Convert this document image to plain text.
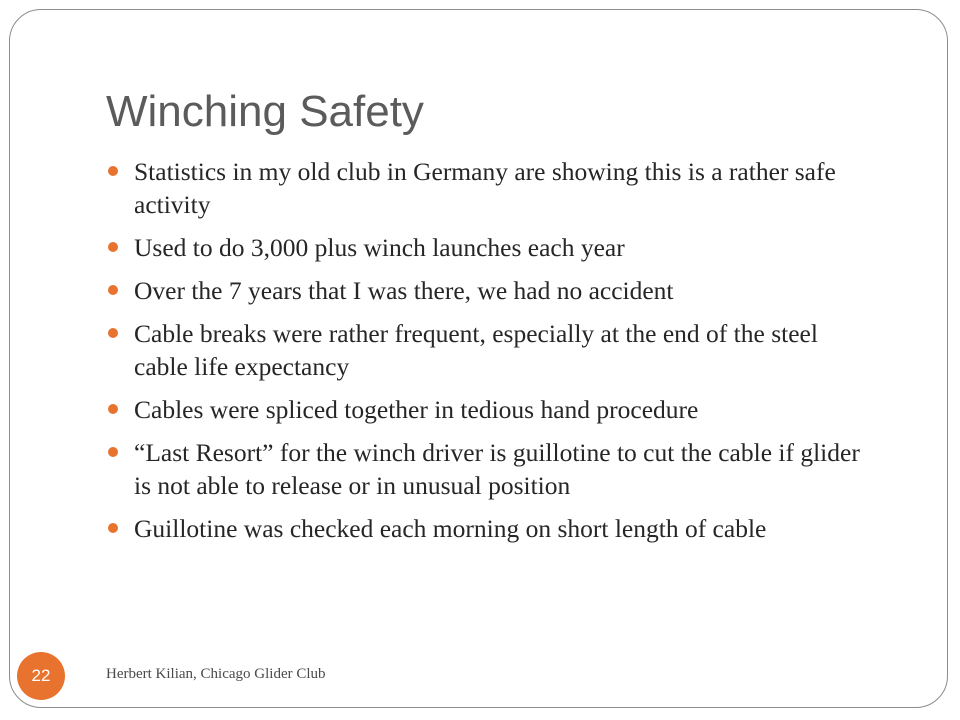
Winching Safety
Statistics in my old club in Germany are showing this is a rather safe activity
Used to do 3,000 plus winch launches each year
Over the 7 years that I was there, we had no accident
Cable breaks were rather frequent, especially at the end of the steel cable life expectancy
Cables were spliced together in tedious hand procedure
“Last Resort” for the winch driver is guillotine to cut the cable if glider is not able to release or in unusual position
Guillotine was checked each morning on short length of cable
22	Herbert Kilian, Chicago Glider Club
